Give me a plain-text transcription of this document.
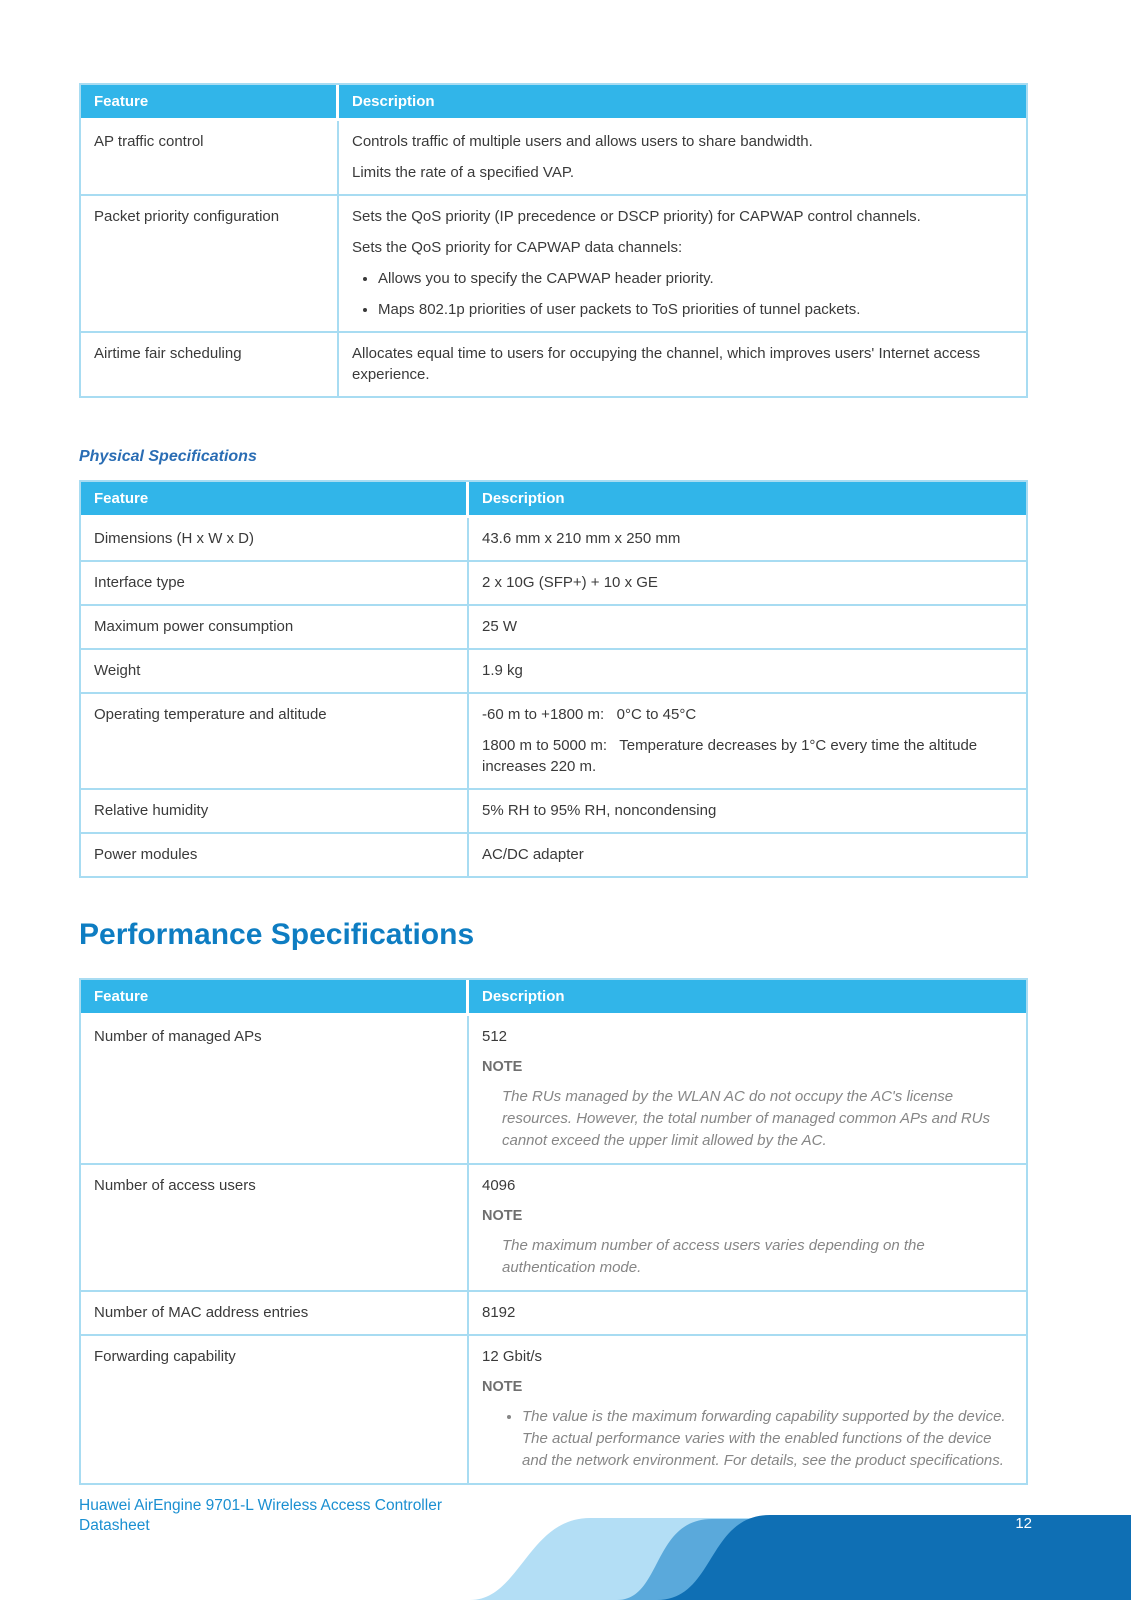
Feature	Description
AP traffic control	Controls traffic of multiple users and allows users to share bandwidth.

Limits the rate of a specified VAP.

Packet priority configuration	Sets the QoS priority (IP precedence or DSCP priority) for CAPWAP control channels.

Sets the QoS priority for CAPWAP data channels:

• Allows you to specify the CAPWAP header priority.
• Maps 802.1p priorities of user packets to ToS priorities of tunnel packets.

Airtime fair scheduling	Allocates equal time to users for occupying the channel, which improves users' Internet access experience.

Physical Specifications
Feature	Description
Dimensions (H x W x D)	43.6 mm x 210 mm x 250 mm

Interface type	2 x 10G (SFP+) + 10 x GE

Maximum power consumption	25 W

Weight	1.9 kg

Operating temperature and altitude	-60 m to +1800 m:   0°C to 45°C

1800 m to 5000 m:   Temperature decreases by 1°C every time the altitude increases 220 m.

Relative humidity	5% RH to 95% RH, noncondensing

Power modules	AC/DC adapter

Performance Specifications
Feature	Description
Number of managed APs	512

NOTE

The RUs managed by the WLAN AC do not occupy the AC's license resources. However, the total number of managed common APs and RUs cannot exceed the upper limit allowed by the AC.

Number of access users	4096

NOTE

The maximum number of access users varies depending on the authentication mode.

Number of MAC address entries	8192

Forwarding capability	12 Gbit/s

NOTE

• The value is the maximum forwarding capability supported by the device. The actual performance varies with the enabled functions of the device and the network environment. For details, see the product specifications.
Huawei AirEngine 9701-L Wireless Access Controller
Datasheet	12
